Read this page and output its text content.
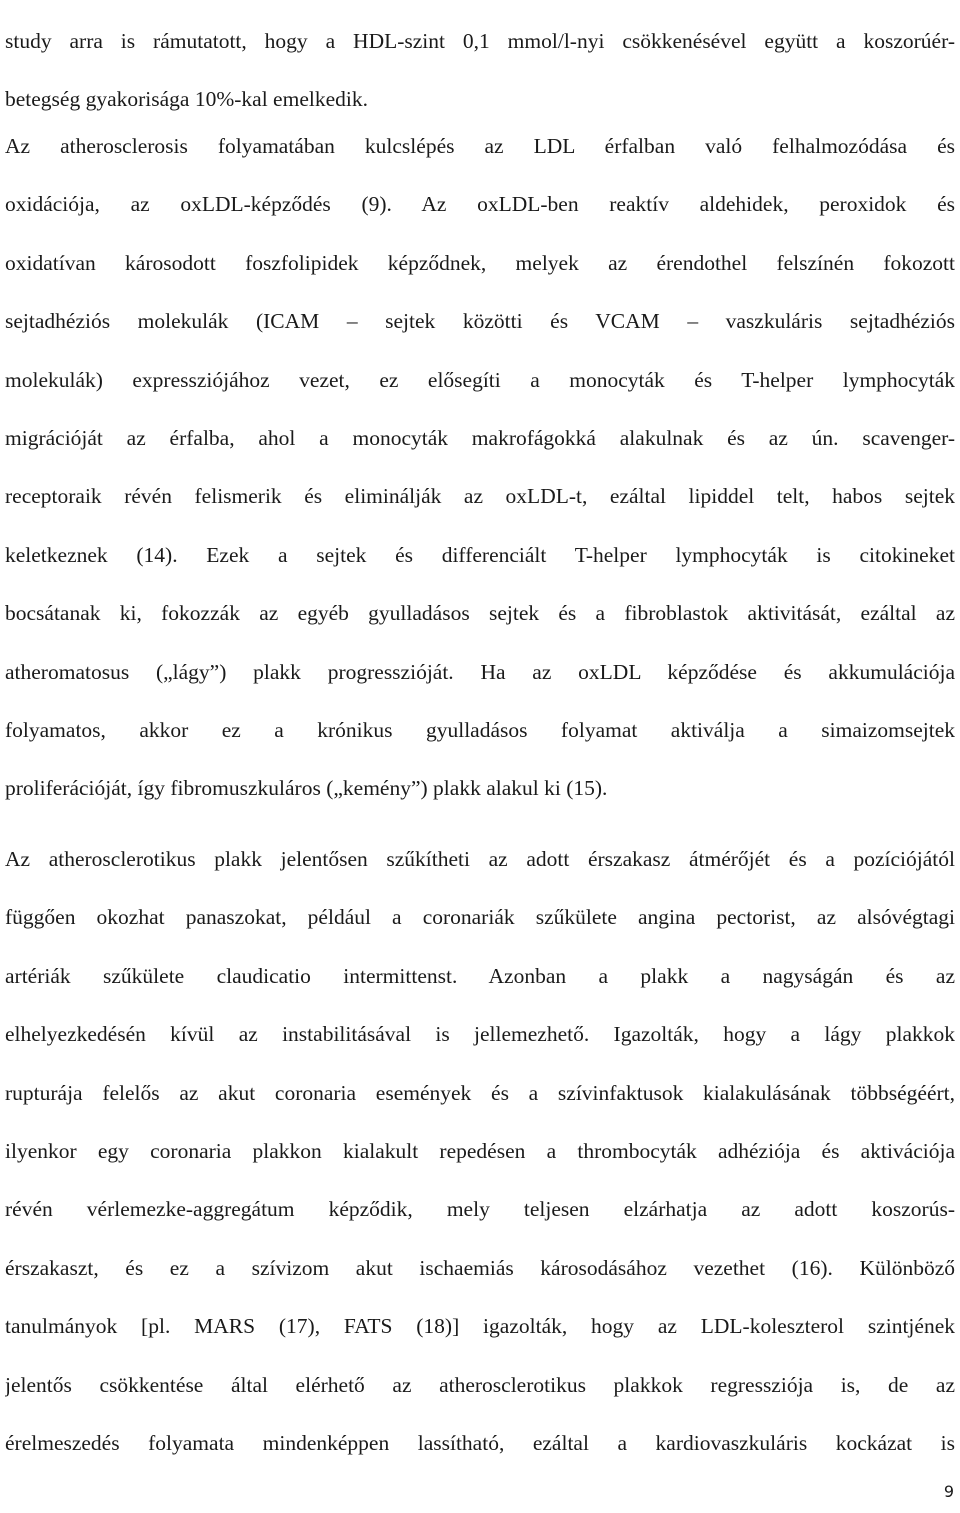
study arra is rámutatott, hogy a HDL-szint 0,1 mmol/l-nyi csökkenésével együtt a koszorúér-
betegség gyakorisága 10%-kal emelkedik.
Az atherosclerosis folyamatában kulcslépés az LDL érfalban való felhalmozódása és
oxidációja, az oxLDL-képződés (9). Az oxLDL-ben reaktív aldehidek, peroxidok és
oxidatívan károsodott foszfolipidek képződnek, melyek az érendothel felszínén fokozott
sejtadhéziós molekulák (ICAM – sejtek közötti és VCAM – vaszkuláris sejtadhéziós
molekulák) expressziójához vezet, ez elősegíti a monocyták és T-helper lymphocyták
migrációját az érfalba, ahol a monocyták makrofágokká alakulnak és az ún. scavenger-
receptoraik révén felismerik és eliminálják az oxLDL-t, ezáltal lipiddel telt, habos sejtek
keletkeznek (14). Ezek a sejtek és differenciált T-helper lymphocyták is citokineket
bocsátanak ki, fokozzák az egyéb gyulladásos sejtek és a fibroblastok aktivitását, ezáltal az
atheromatosus („lágy”) plakk progresszióját. Ha az oxLDL képződése és akkumulációja
folyamatos, akkor ez a krónikus gyulladásos folyamat aktiválja a simaizomsejtek
proliferációját, így fibromuszkuláros („kemény”) plakk alakul ki (15).
Az atherosclerotikus plakk jelentősen szűkítheti az adott érszakasz átmérőjét és a pozíciójától
függően okozhat panaszokat, például a coronariák szűkülete angina pectorist, az alsóvégtagi
artériák szűkülete claudicatio intermittenst. Azonban a plakk a nagyságán és az
elhelyezkedésén kívül az instabilitásával is jellemezhető. Igazolták, hogy a lágy plakkok
rupturája felelős az akut coronaria események és a szívinfaktusok kialakulásának többségéért,
ilyenkor egy coronaria plakkon kialakult repedésen a thrombocyták adhéziója és aktivációja
révén vérlemezke-aggregátum képződik, mely teljesen elzárhatja az adott koszorús-
érszakaszt, és ez a szívizom akut ischaemiás károsodásához vezethet (16). Különböző
tanulmányok [pl. MARS (17), FATS (18)] igazolták, hogy az LDL-koleszterol szintjének
jelentős csökkentése által elérhető az atherosclerotikus plakkok regressziója is, de az
érelmeszedés folyamata mindenképpen lassítható, ezáltal a kardiovaszkuláris kockázat is
9
